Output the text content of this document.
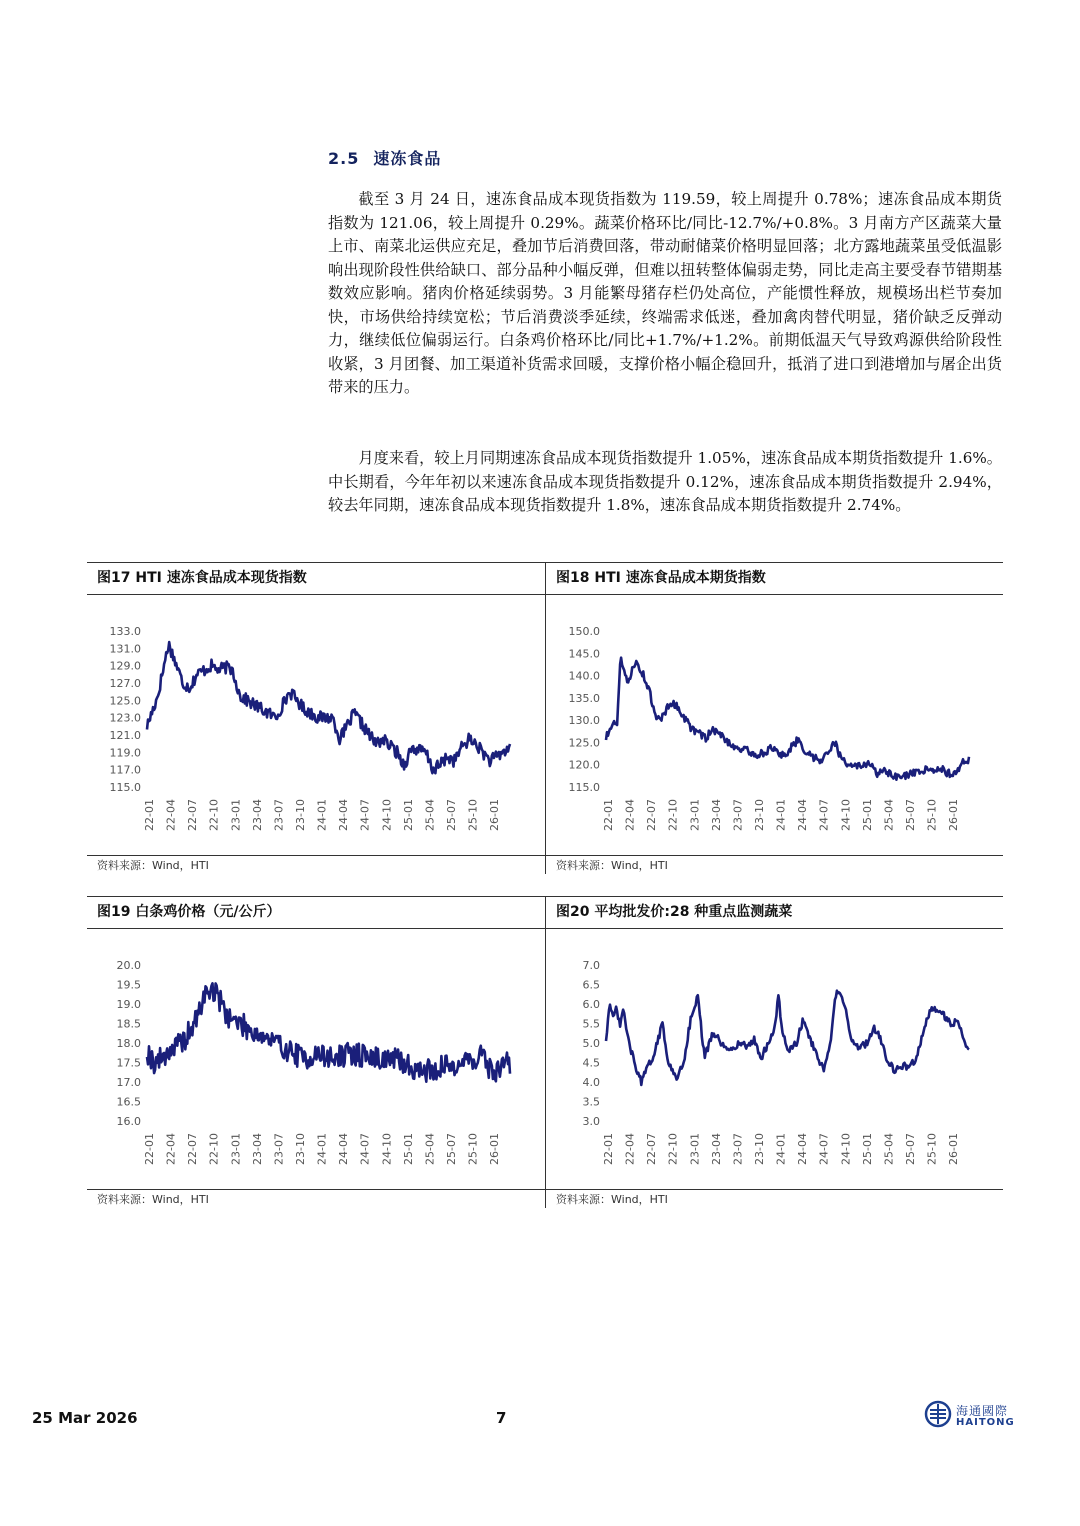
2.5 速冻食品

截至 3 月 24 日，速冻食品成本现货指数为 119.59，较上周提升 0.78%；速冻食品成本期货指数为 121.06，较上周提升 0.29%。蔬菜价格环比/同比-12.7%/+0.8%。3 月南方产区蔬菜大量上市、南菜北运供应充足，叠加节后消费回落，带动耐储菜价格明显回落；北方露地蔬菜虽受低温影响出现阶段性供给缺口、部分品种小幅反弹，但难以扭转整体偏弱走势，同比走高主要受春节错期基数效应影响。猪肉价格延续弱势。3 月能繁母猪存栏仍处高位，产能惯性释放，规模场出栏节奏加快，市场供给持续宽松；节后消费淡季延续，终端需求低迷，叠加禽肉替代明显，猪价缺乏反弹动力，继续低位偏弱运行。白条鸡价格环比/同比+1.7%/+1.2%。前期低温天气导致鸡源供给阶段性收紧，3 月团餐、加工渠道补货需求回暖，支撑价格小幅企稳回升，抵消了进口到港增加与屠企出货带来的压力。

月度来看，较上月同期速冻食品成本现货指数提升 1.05%，速冻食品成本期货指数提升 1.6%。中长期看，今年年初以来速冻食品成本现货指数提升 0.12%，速冻食品成本期货指数提升 2.94%，较去年同期，速冻食品成本现货指数提升 1.8%，速冻食品成本期货指数提升 2.74%。

图17 HTI 速冻食品成本现货指数
133.0
131.0
129.0
127.0
125.0
123.0
121.0
119.0
117.0
115.0
22-01 22-04 22-07 22-10 23-01 23-04 23-07 23-10 24-01 24-04 24-07 24-10 25-01 25-04 25-07 25-10 26-01
资料来源：Wind，HTI
图18 HTI 速冻食品成本期货指数
150.0
145.0
140.0
135.0
130.0
125.0
120.0
115.0
22-01 22-04 22-07 22-10 23-01 23-04 23-07 23-10 24-01 24-04 24-07 24-10 25-01 25-04 25-07 25-10 26-01
资料来源：Wind，HTI
图19 白条鸡价格（元/公斤）
20.0
19.5
19.0
18.5
18.0
17.5
17.0
16.5
16.0
22-01 22-04 22-07 22-10 23-01 23-04 23-07 23-10 24-01 24-04 24-07 24-10 25-01 25-04 25-07 25-10 26-01
资料来源：Wind，HTI
图20 平均批发价:28 种重点监测蔬菜
7.0
6.5
6.0
5.5
5.0
4.5
4.0
3.5
3.0
22-01 22-04 22-07 22-10 23-01 23-04 23-07 23-10 24-01 24-04 24-07 24-10 25-01 25-04 25-07 25-10 26-01
资料来源：Wind，HTI
25 Mar 2026	7	海通國際
HAITONG
